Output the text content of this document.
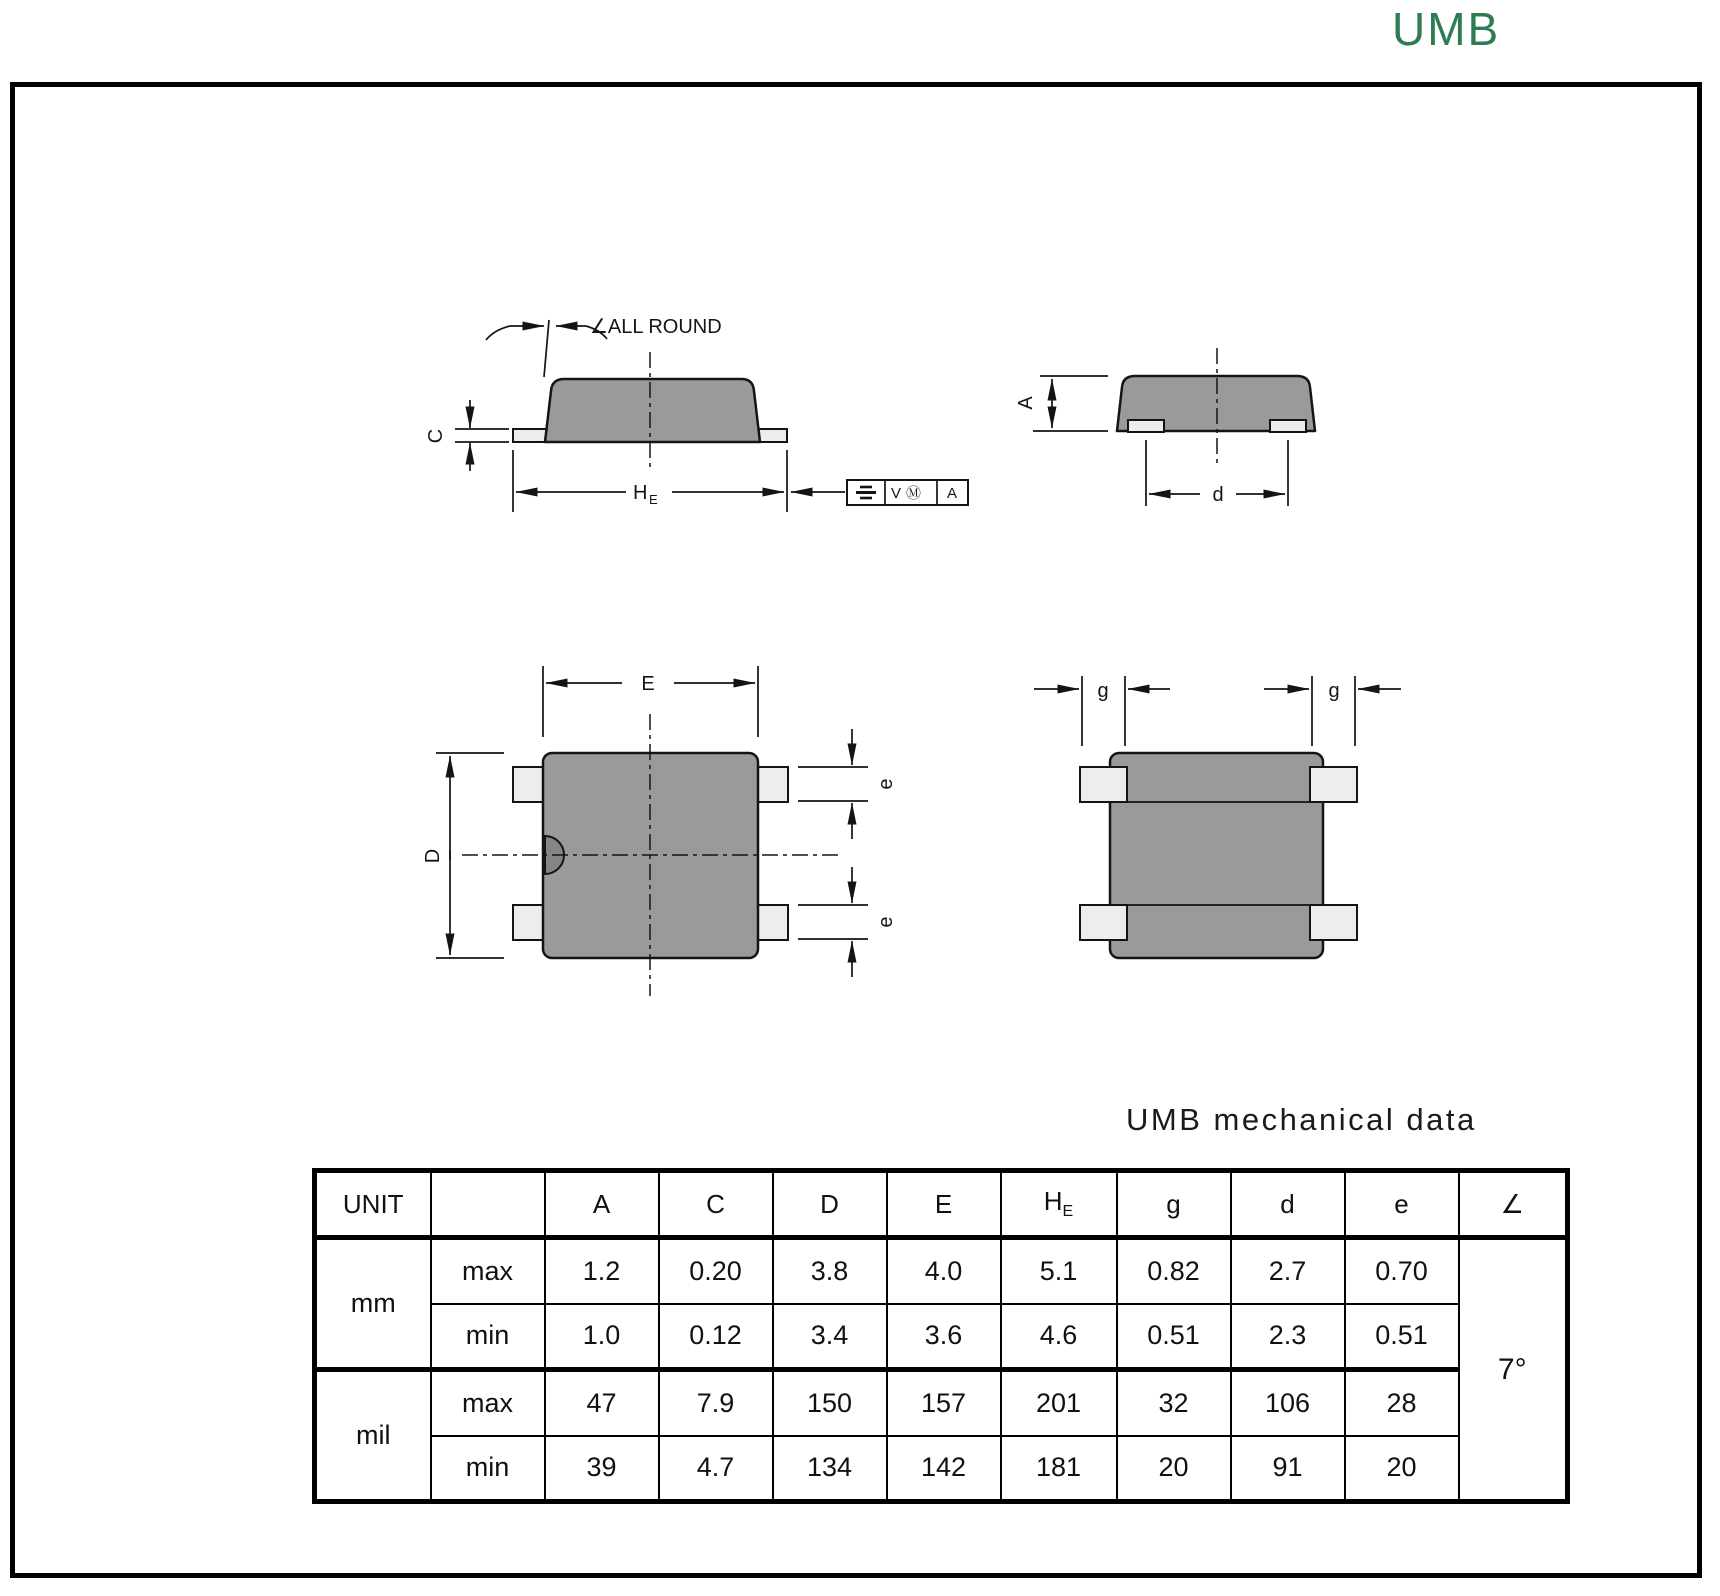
UMB
∠ALL ROUND
C
H E	V Ⓜ A
A
d
E
D
e
e
g	g
UMB mechanical data
UNIT		A	C	D	E	$H_E$	g	d	e	∠
mm	max	1.2	0.20	3.8	4.0	5.1	0.82	2.7	0.70	7°
	min	1.0	0.12	3.4	3.6	4.6	0.51	2.3	0.51	
mil	max	47	7.9	150	157	201	32	106	28	
	min	39	4.7	134	142	181	20	91	20	
